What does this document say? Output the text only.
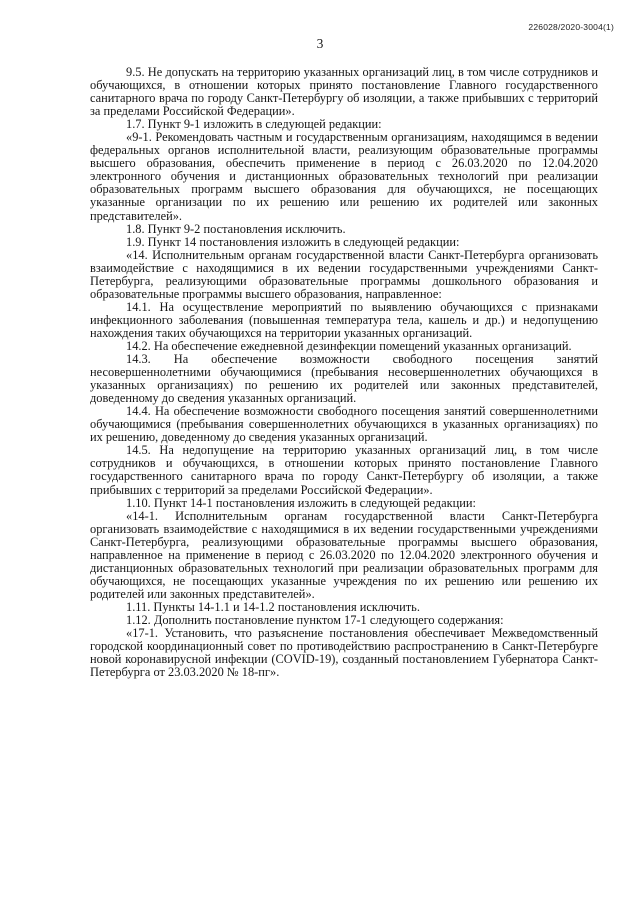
226028/2020-3004(1)
3

9.5. Не допускать на территорию указанных организаций лиц, в том числе сотрудников и обучающихся, в отношении которых принято постановление Главного государственного санитарного врача по городу Санкт-Петербургу об изоляции, а также прибывших с территорий за пределами Российской Федерации».

1.7. Пункт 9-1 изложить в следующей редакции:

«9-1. Рекомендовать частным и государственным организациям, находящимся в ведении федеральных органов исполнительной власти, реализующим образовательные программы высшего образования, обеспечить применение в период с 26.03.2020 по 12.04.2020 электронного обучения и дистанционных образовательных технологий при реализации образовательных программ высшего образования для обучающихся, не посещающих указанные организации по их решению или решению их родителей или законных представителей».

1.8. Пункт 9-2 постановления исключить.

1.9. Пункт 14 постановления изложить в следующей редакции:

«14. Исполнительным органам государственной власти Санкт-Петербурга организовать взаимодействие с находящимися в их ведении государственными учреждениями Санкт-Петербурга, реализующими образовательные программы дошкольного образования и образовательные программы высшего образования, направленное:

14.1. На осуществление мероприятий по выявлению обучающихся с признаками инфекционного заболевания (повышенная температура тела, кашель и др.) и недопущению нахождения таких обучающихся на территории указанных организаций.

14.2. На обеспечение ежедневной дезинфекции помещений указанных организаций.

14.3. На обеспечение возможности свободного посещения занятий несовершеннолетними обучающимися (пребывания несовершеннолетних обучающихся в указанных организациях) по решению их родителей или законных представителей, доведенному до сведения указанных организаций.

14.4. На обеспечение возможности свободного посещения занятий совершеннолетними обучающимися (пребывания совершеннолетних обучающихся в указанных организациях) по их решению, доведенному до сведения указанных организаций.

14.5. На недопущение на территорию указанных организаций лиц, в том числе сотрудников и обучающихся, в отношении которых принято постановление Главного государственного санитарного врача по городу Санкт-Петербургу об изоляции, а также прибывших с территорий за пределами Российской Федерации».

1.10. Пункт 14-1 постановления изложить в следующей редакции:

«14-1. Исполнительным органам государственной власти Санкт-Петербурга организовать взаимодействие с находящимися в их ведении государственными учреждениями Санкт-Петербурга, реализующими образовательные программы высшего образования, направленное на применение в период с 26.03.2020 по 12.04.2020 электронного обучения и дистанционных образовательных технологий при реализации образовательных программ для обучающихся, не посещающих указанные учреждения по их решению или решению их родителей или законных представителей».

1.11. Пункты 14-1.1 и 14-1.2 постановления исключить.

1.12. Дополнить постановление пунктом 17-1 следующего содержания:

«17-1. Установить, что разъяснение постановления обеспечивает Межведомственный городской координационный совет по противодействию распространению в Санкт-Петербурге новой коронавирусной инфекции (COVID-19), созданный постановлением Губернатора Санкт-Петербурга от 23.03.2020 № 18-пг».
